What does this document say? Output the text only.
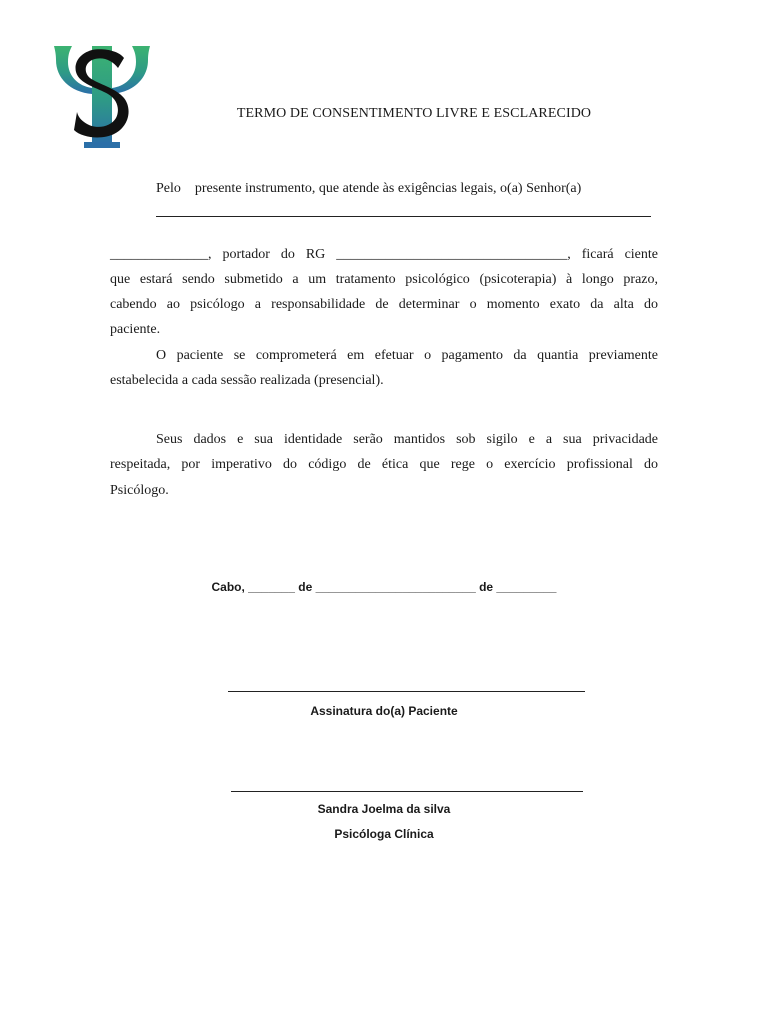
TERMO DE CONSENTIMENTO LIVRE E ESCLARECIDO
Pelo presente instrumento, que atende às exigências legais, o(a) Senhor(a)
______________, portador do RG _________________________________, ficará ciente
que estará sendo submetido a um tratamento psicológico (psicoterapia) à longo prazo,
cabendo ao psicólogo a responsabilidade de determinar o momento exato da alta do
paciente.
O paciente se comprometerá em efetuar o pagamento da quantia previamente
estabelecida a cada sessão realizada (presencial).
Seus dados e sua identidade serão mantidos sob sigilo e a sua privacidade
respeitada, por imperativo do código de ética que rege o exercício profissional do
Psicólogo.
Cabo, _______ de ________________________ de _________
Assinatura do(a) Paciente
Sandra Joelma da silva
Psicóloga Clínica
